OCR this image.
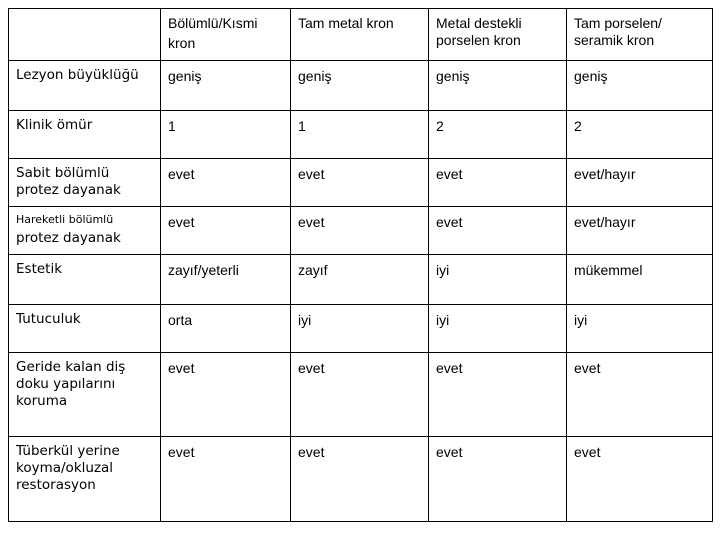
	Bölümlü/Kısmi kron	Tam metal kron	Metal destekli porselen kron	Tam porselen/ seramik kron
Lezyon büyüklüğü	geniş	geniş	geniş	geniş
Klinik ömür	1	1	2	2
Sabit bölümlü protez dayanak	evet	evet	evet	evet/hayır
Hareketli bölümlü
protez dayanak	evet	evet	evet	evet/hayır
Estetik	zayıf/yeterli	zayıf	iyi	mükemmel
Tutuculuk	orta	iyi	iyi	iyi
Geride kalan diş doku yapılarını koruma	evet	evet	evet	evet
Tüberkül yerine koyma/okluzal restorasyon	evet	evet	evet	evet
